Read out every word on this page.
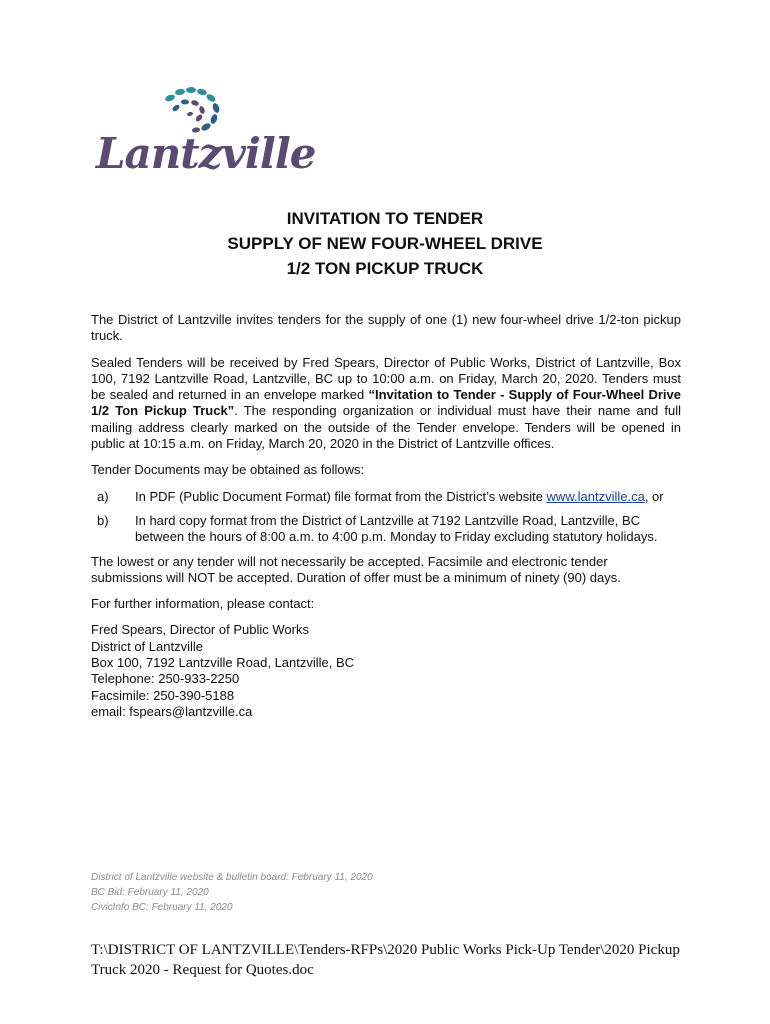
Lantzville
INVITATION TO TENDER
SUPPLY OF NEW FOUR-WHEEL DRIVE
1/2 TON PICKUP TRUCK

The District of Lantzville invites tenders for the supply of one (1) new four-wheel drive 1/2-ton pickup truck.

Sealed Tenders will be received by Fred Spears, Director of Public Works, District of Lantzville, Box 100, 7192 Lantzville Road, Lantzville, BC up to 10:00 a.m. on Friday, March 20, 2020. Tenders must be sealed and returned in an envelope marked “Invitation to Tender - Supply of Four-Wheel Drive 1/2 Ton Pickup Truck”. The responding organization or individual must have their name and full mailing address clearly marked on the outside of the Tender envelope. Tenders will be opened in public at 10:15 a.m. on Friday, March 20, 2020 in the District of Lantzville offices.

Tender Documents may be obtained as follows:

a)	In PDF (Public Document Format) file format from the District’s website www.lantzville.ca, or
b)	In hard copy format from the District of Lantzville at 7192 Lantzville Road, Lantzville, BC between the hours of 8:00 a.m. to 4:00 p.m. Monday to Friday excluding statutory holidays.

The lowest or any tender will not necessarily be accepted. Facsimile and electronic tender submissions will NOT be accepted. Duration of offer must be a minimum of ninety (90) days.

For further information, please contact:

Fred Spears, Director of Public Works
District of Lantzville
Box 100, 7192 Lantzville Road, Lantzville, BC
Telephone: 250-933-2250
Facsimile: 250-390-5188
email: fspears@lantzville.ca
District of Lantzville website & bulletin board: February 11, 2020
BC Bid: February 11, 2020
CivicInfo BC: February 11, 2020
T:\DISTRICT OF LANTZVILLE\Tenders-RFPs\2020 Public Works Pick-Up Tender\2020 Pickup Truck 2020 - Request for Quotes.doc
